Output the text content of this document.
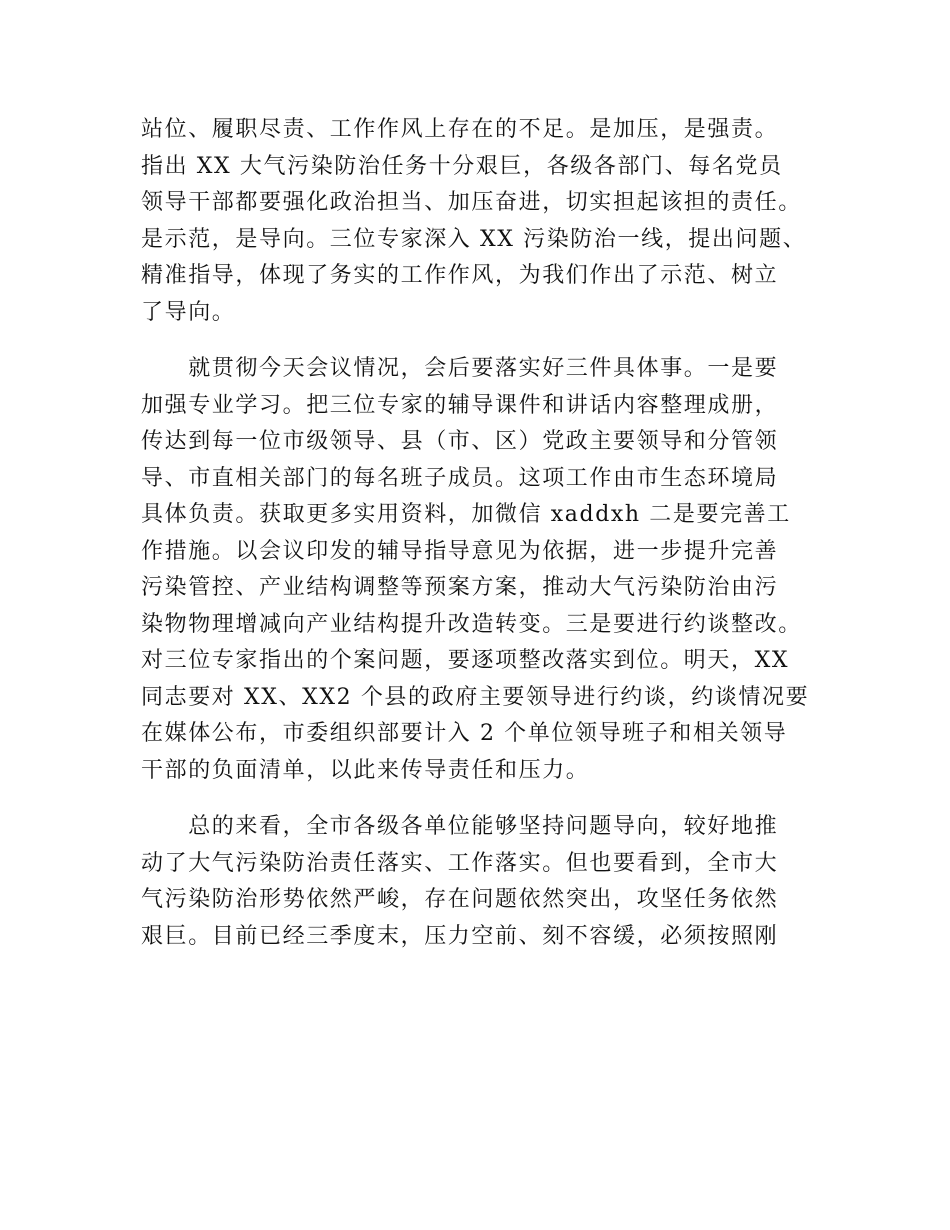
站位、履职尽责、工作作风上存在的不足。是加压，是强责。
指出 XX 大气污染防治任务十分艰巨，各级各部门、每名党员
领导干部都要强化政治担当、加压奋进，切实担起该担的责任。
是示范，是导向。三位专家深入 XX 污染防治一线，提出问题、
精准指导，体现了务实的工作作风，为我们作出了示范、树立
了导向。

　　就贯彻今天会议情况，会后要落实好三件具体事。一是要
加强专业学习。把三位专家的辅导课件和讲话内容整理成册，
传达到每一位市级领导、县（市、区）党政主要领导和分管领
导、市直相关部门的每名班子成员。这项工作由市生态环境局
具体负责。获取更多实用资料，加微信 xaddxh 二是要完善工
作措施。以会议印发的辅导指导意见为依据，进一步提升完善
污染管控、产业结构调整等预案方案，推动大气污染防治由污
染物物理增减向产业结构提升改造转变。三是要进行约谈整改。
对三位专家指出的个案问题，要逐项整改落实到位。明天，XX
同志要对 XX、XX2 个县的政府主要领导进行约谈，约谈情况要
在媒体公布，市委组织部要计入 2 个单位领导班子和相关领导
干部的负面清单，以此来传导责任和压力。

　　总的来看，全市各级各单位能够坚持问题导向，较好地推
动了大气污染防治责任落实、工作落实。但也要看到，全市大
气污染防治形势依然严峻，存在问题依然突出，攻坚任务依然
艰巨。目前已经三季度末，压力空前、刻不容缓，必须按照刚
